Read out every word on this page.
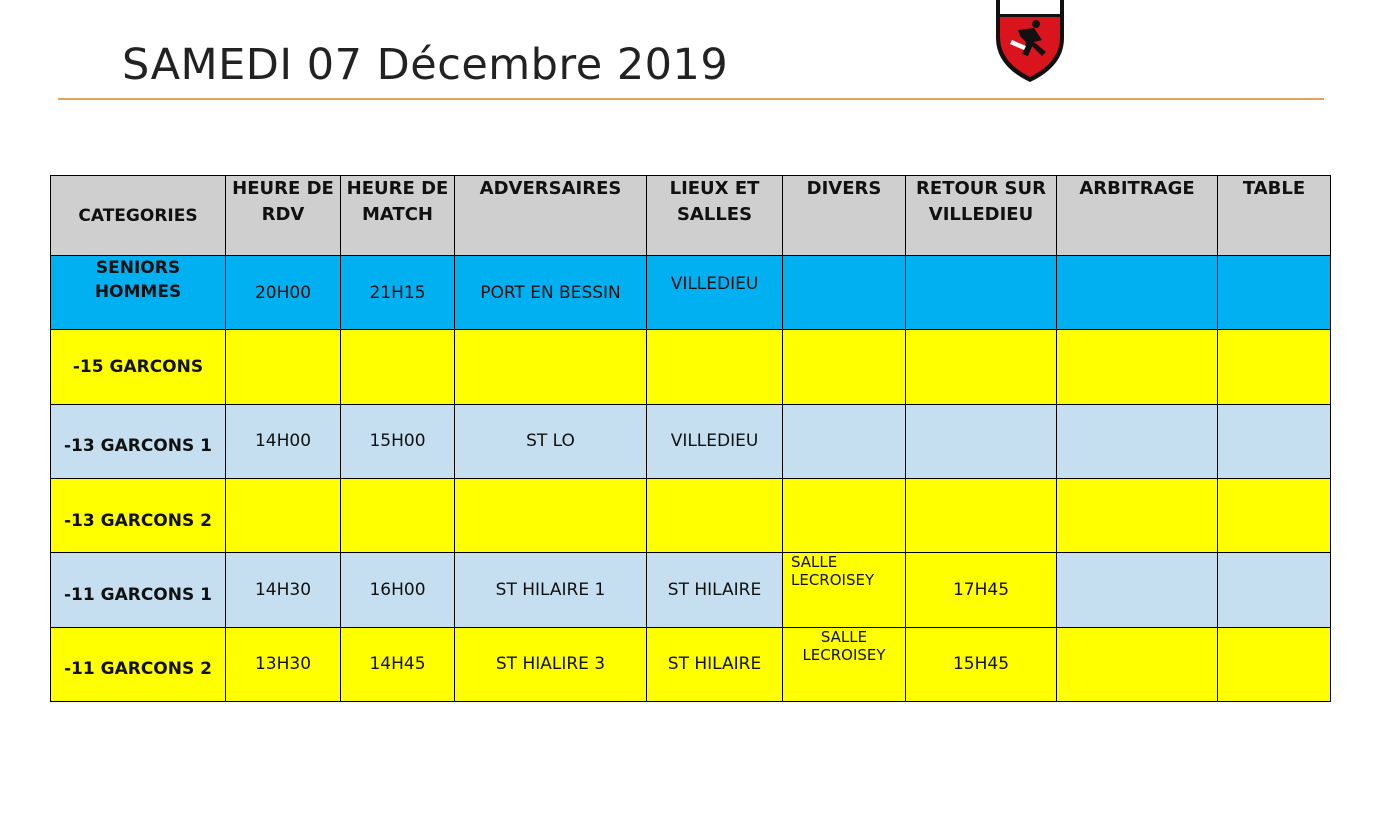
SAMEDI 07 Décembre 2019
CATEGORIES	HEURE DE RDV	HEURE DE MATCH	ADVERSAIRES	LIEUX ET SALLES	DIVERS	RETOUR SUR VILLEDIEU	ARBITRAGE	TABLE
SENIORS HOMMES	20H00	21H15	PORT EN BESSIN	VILLEDIEU				
-15 GARCONS								
-13 GARCONS 1	14H00	15H00	ST LO	VILLEDIEU				
-13 GARCONS 2								
-11 GARCONS 1	14H30	16H00	ST HILAIRE 1	ST HILAIRE	SALLE LECROISEY	17H45		
-11 GARCONS 2	13H30	14H45	ST HIALIRE 3	ST HILAIRE	SALLE LECROISEY	15H45		
